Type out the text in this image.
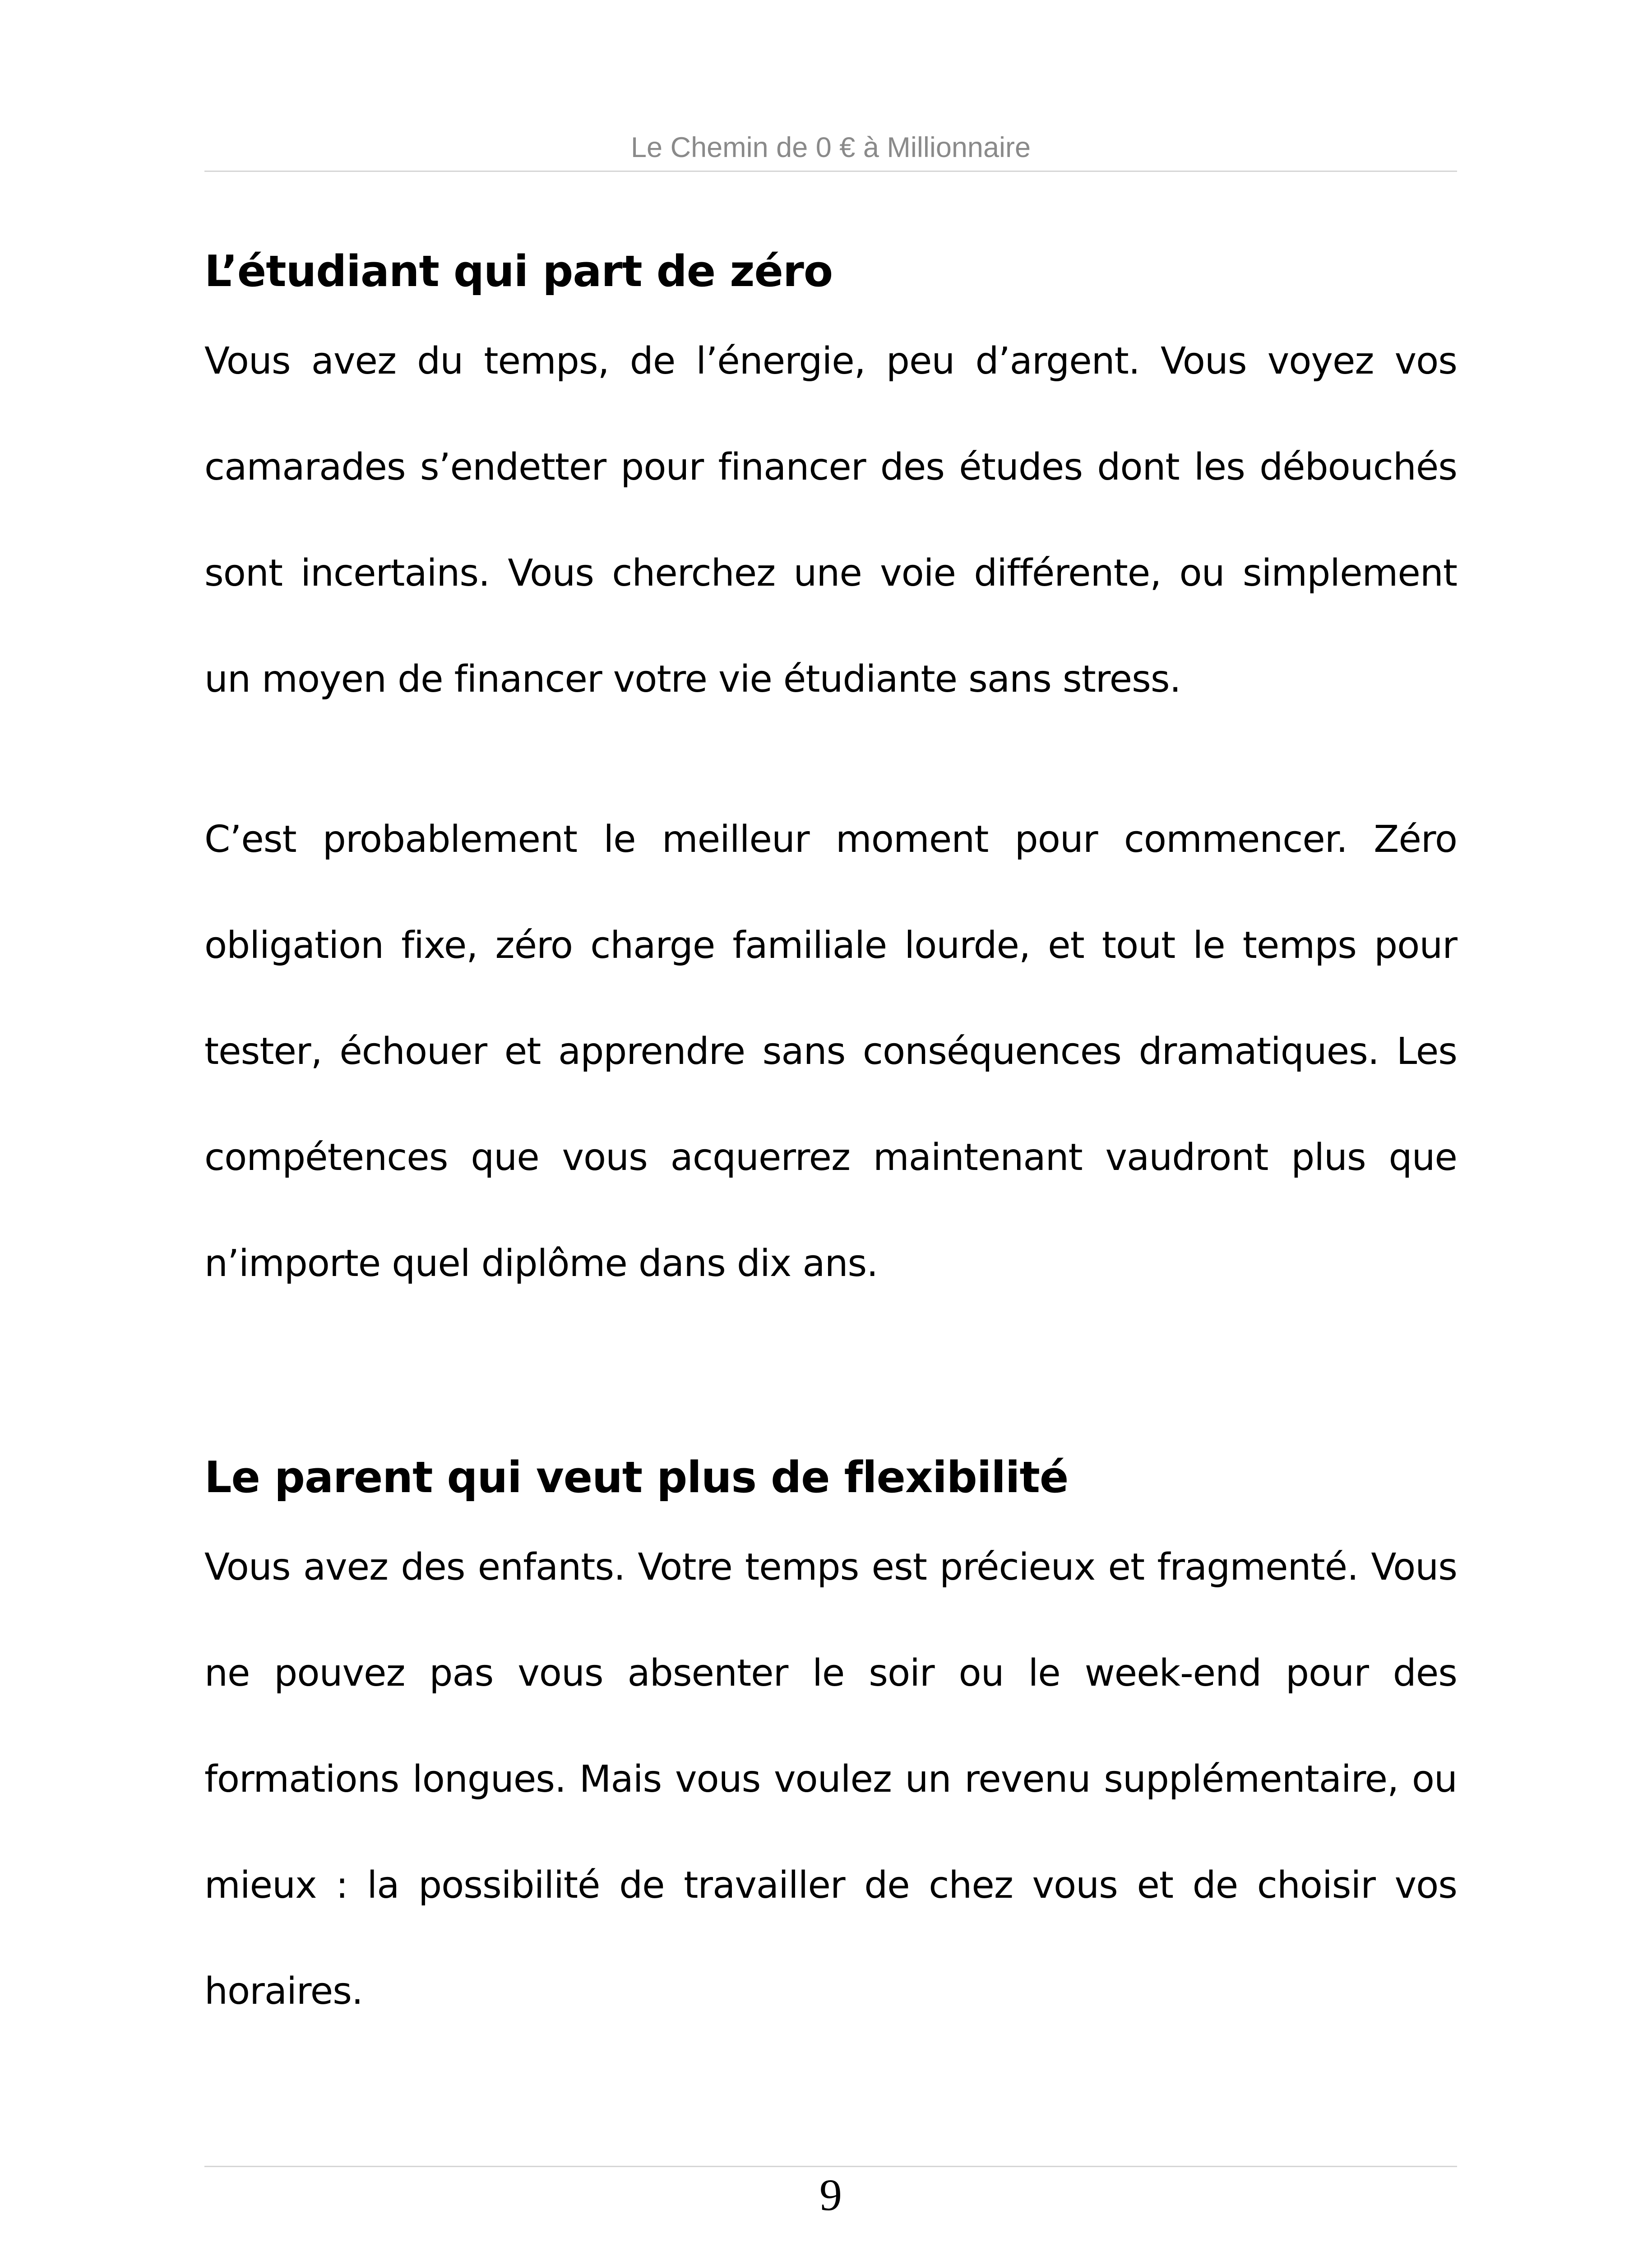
Le Chemin de 0 € à Millionnaire
L’étudiant qui part de zéro

Vous avez du temps, de l’énergie, peu d’argent. Vous voyez vos camarades s’endetter pour financer des études dont les débouchés sont incertains. Vous cherchez une voie différente, ou simplement un moyen de financer votre vie étudiante sans stress.

C’est probablement le meilleur moment pour commencer. Zéro obligation fixe, zéro charge familiale lourde, et tout le temps pour tester, échouer et apprendre sans conséquences dramatiques. Les compétences que vous acquerrez maintenant vaudront plus que n’importe quel diplôme dans dix ans.

Le parent qui veut plus de flexibilité

Vous avez des enfants. Votre temps est précieux et fragmenté. Vous ne pouvez pas vous absenter le soir ou le week-end pour des formations longues. Mais vous voulez un revenu supplémentaire, ou mieux : la possibilité de travailler de chez vous et de choisir vos horaires.

9
